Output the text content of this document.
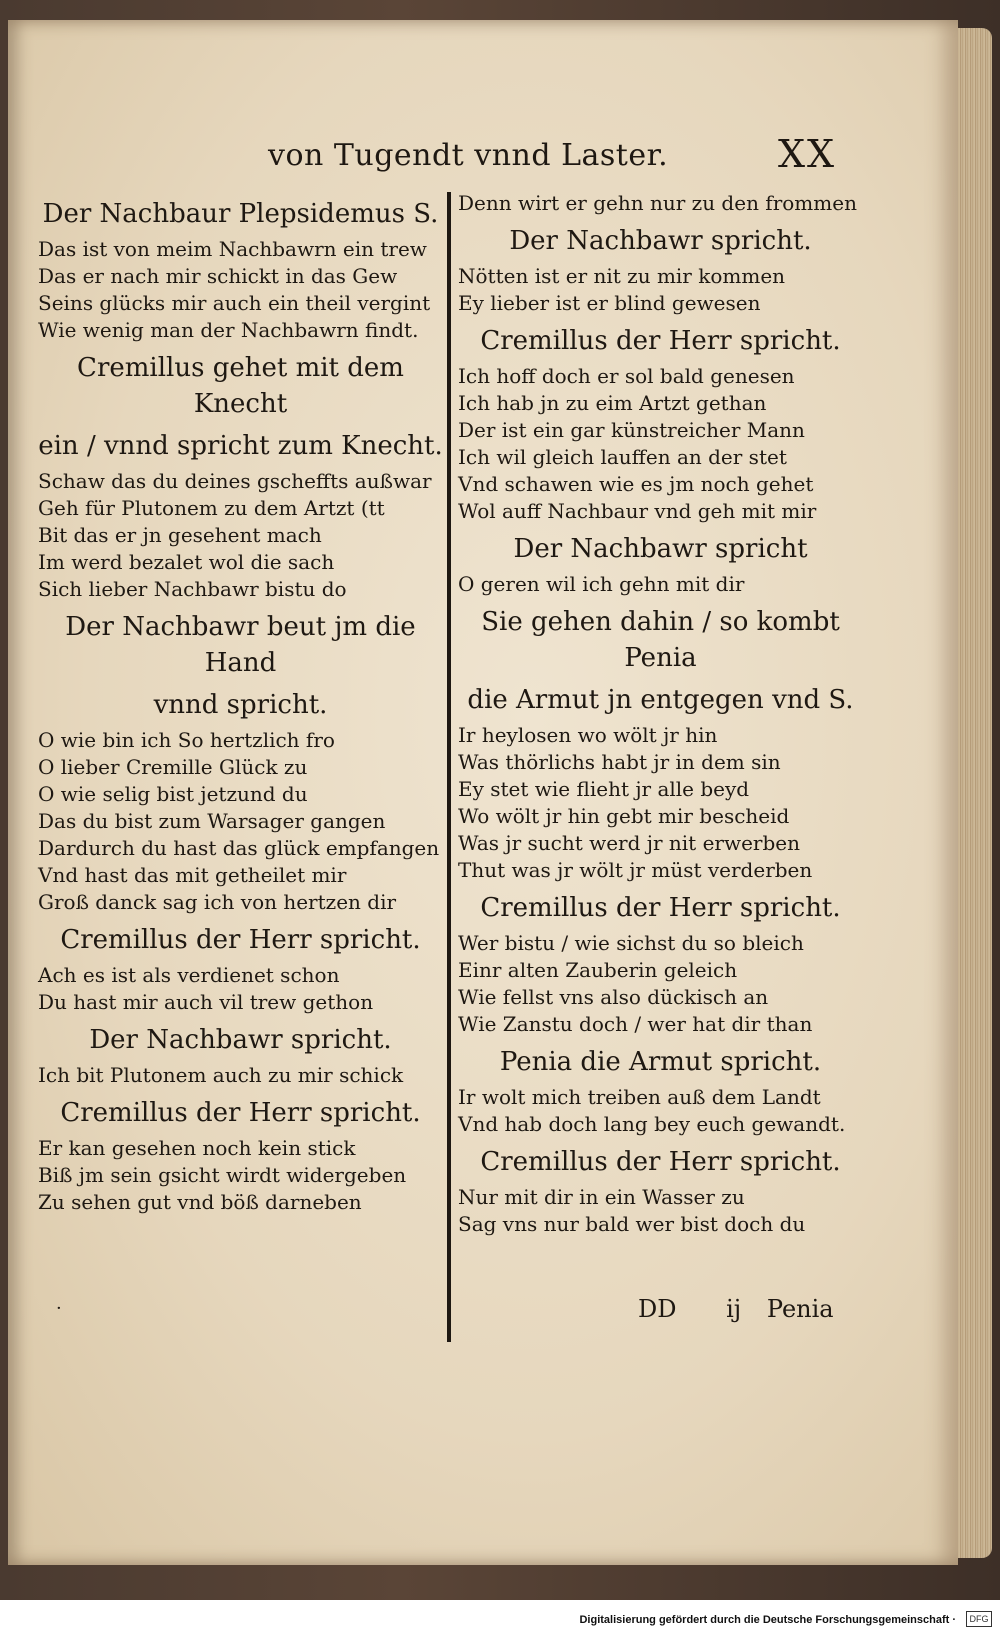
von Tugendt vnnd Laster.	XX
Der Nachbaur Plepsidemus S.
Das ist von meim Nachbawrn ein trew
Das er nach mir schickt in das Gew
Seins glücks mir auch ein theil vergint
Wie wenig man der Nachbawrn findt.
Cremillus gehet mit dem Knecht
ein / vnnd spricht zum Knecht.
Schaw das du deines gscheffts außwar
Geh für Plutonem zu dem Artzt (tt
Bit das er jn gesehent mach
Im werd bezalet wol die sach
Sich lieber Nachbawr bistu do
Der Nachbawr beut jm die Hand
vnnd spricht.
O wie bin ich So hertzlich fro
O lieber Cremille Glück zu
O wie selig bist jetzund du
Das du bist zum Warsager gangen
Dardurch du hast das glück empfangen
Vnd hast das mit getheilet mir
Groß danck sag ich von hertzen dir
Cremillus der Herr spricht.
Ach es ist als verdienet schon
Du hast mir auch vil trew gethon
Der Nachbawr spricht.
Ich bit Plutonem auch zu mir schick
Cremillus der Herr spricht.
Er kan gesehen noch kein stick
Biß jm sein gsicht wirdt widergeben
Zu sehen gut vnd böß darneben
Denn wirt er gehn nur zu den frommen
Der Nachbawr spricht.
Nötten ist er nit zu mir kommen
Ey lieber ist er blind gewesen
Cremillus der Herr spricht.
Ich hoff doch er sol bald genesen
Ich hab jn zu eim Artzt gethan
Der ist ein gar künstreicher Mann
Ich wil gleich lauffen an der stet
Vnd schawen wie es jm noch gehet
Wol auff Nachbaur vnd geh mit mir
Der Nachbawr spricht
O geren wil ich gehn mit dir
Sie gehen dahin / so kombt Penia
die Armut jn entgegen vnd S.
Ir heylosen wo wölt jr hin
Was thörlichs habt jr in dem sin
Ey stet wie flieht jr alle beyd
Wo wölt jr hin gebt mir bescheid
Was jr sucht werd jr nit erwerben
Thut was jr wölt jr müst verderben
Cremillus der Herr spricht.
Wer bistu / wie sichst du so bleich
Einr alten Zauberin geleich
Wie fellst vns also dückisch an
Wie Zanstu doch / wer hat dir than
Penia die Armut spricht.
Ir wolt mich treiben auß dem Landt
Vnd hab doch lang bey euch gewandt.
Cremillus der Herr spricht.
Nur mit dir in ein Wasser zu
Sag vns nur bald wer bist doch du
·	DD ij Penia
Digitalisierung gefördert durch die Deutsche Forschungsgemeinschaft ·	DFG
